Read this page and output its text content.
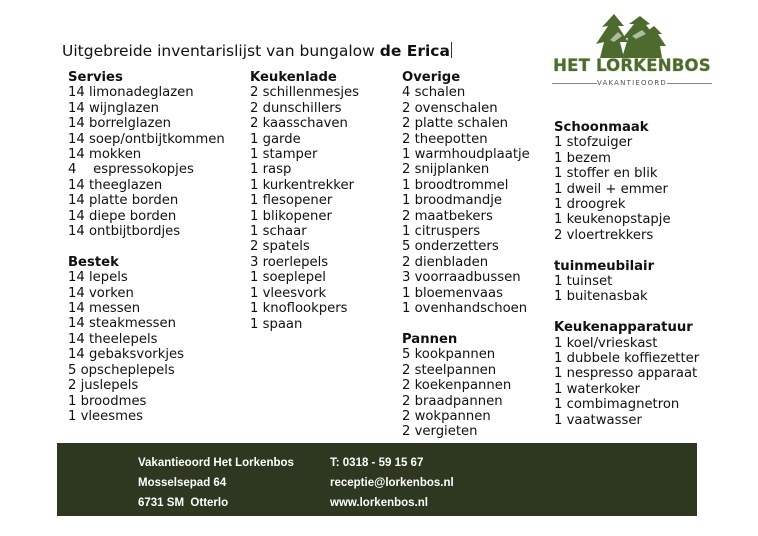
Uitgebreide inventarislijst van bungalow de Erica
HET LORKENBOS
VAKANTIEOORD
Servies
14 limonadeglazen
14 wijnglazen
14 borrelglazen
14 soep/ontbijtkommen
14 mokken
4    espressokopjes
14 theeglazen
14 platte borden
14 diepe borden
14 ontbijtbordjes
Bestek
14 lepels
14 vorken
14 messen
14 steakmessen
14 theelepels
14 gebaksvorkjes
5 opscheplepels
2 juslepels
1 broodmes
1 vleesmes
Keukenlade
2 schillenmesjes
2 dunschillers
2 kaasschaven
1 garde
1 stamper
1 rasp
1 kurkentrekker
1 flesopener
1 blikopener
1 schaar
2 spatels
3 roerlepels
1 soeplepel
1 vleesvork
1 knoflookpers
1 spaan
Overige
4 schalen
2 ovenschalen
2 platte schalen
2 theepotten
1 warmhoudplaatje
2 snijplanken
1 broodtrommel
1 broodmandje
2 maatbekers
1 citruspers
5 onderzetters
2 dienbladen
3 voorraadbussen
1 bloemenvaas
1 ovenhandschoen
Pannen
5 kookpannen
2 steelpannen
2 koekenpannen
2 braadpannen
2 wokpannen
2 vergieten
Schoonmaak
1 stofzuiger
1 bezem
1 stoffer en blik
1 dweil + emmer
1 droogrek
1 keukenopstapje
2 vloertrekkers
tuinmeubilair
1 tuinset
1 buitenasbak
Keukenapparatuur
1 koel/vrieskast
1 dubbele koffiezetter
1 nespresso apparaat
1 waterkoker
1 combimagnetron
1 vaatwasser
Vakantieoord Het Lorkenbos
Mosselsepad 64
6731 SM  Otterlo
T: 0318 - 59 15 67
receptie@lorkenbos.nl
www.lorkenbos.nl
